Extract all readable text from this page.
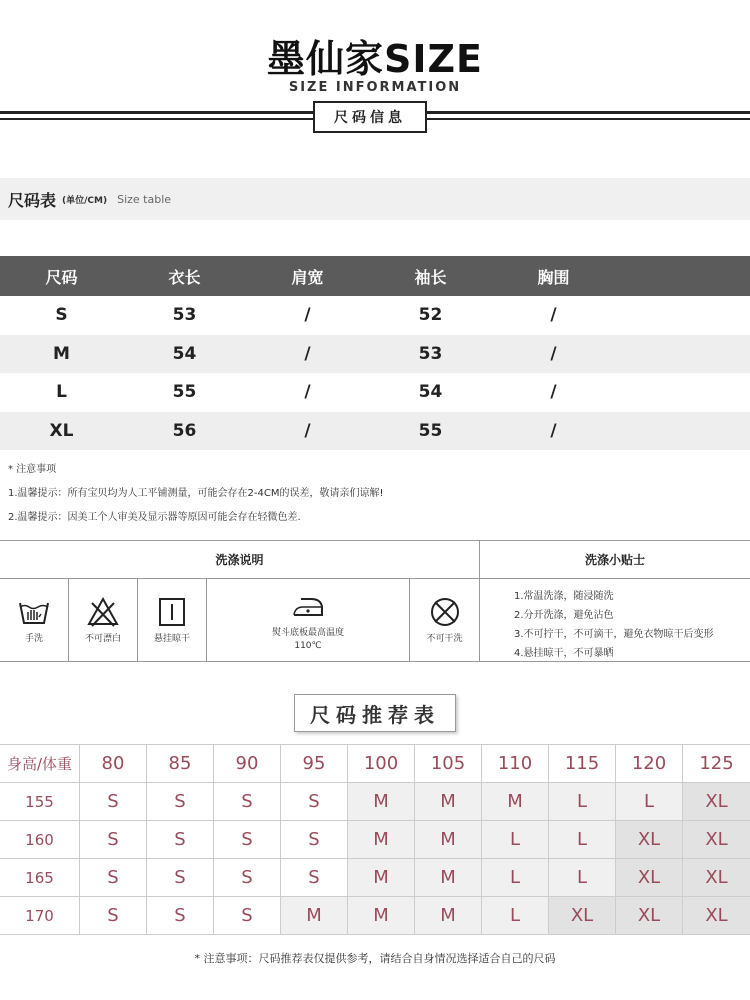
墨仙家SIZE
SIZE INFORMATION
尺码信息
尺码表 (单位/CM) Size table
尺码	衣长	肩宽	袖长	胸围
S	53	/	52	/
M	54	/	53	/
L	55	/	54	/
XL	56	/	55	/
* 注意事项
1.温馨提示：所有宝贝均为人工平铺测量，可能会存在2-4CM的误差，敬请亲们谅解!
2.温馨提示：因美工个人审美及显示器等原因可能会存在轻微色差.
洗涤说明	洗涤小贴士
手洗	不可漂白	悬挂晾干
熨斗底板最高温度110℃
不可干洗
1.常温洗涤，随浸随洗
2.分开洗涤，避免沾色
3.不可拧干，不可滴干，避免衣物晾干后变形
4.悬挂晾干，不可暴晒
尺码推荐表
身高/体重	80	85	90	95	100	105	110	115	120	125
155	S	S	S	S	M	M	M	L	L	XL
160	S	S	S	S	M	M	L	L	XL	XL
165	S	S	S	S	M	M	L	L	XL	XL
170	S	S	S	M	M	M	L	XL	XL	XL
* 注意事项：尺码推荐表仅提供参考，请结合自身情况选择适合自己的尺码
